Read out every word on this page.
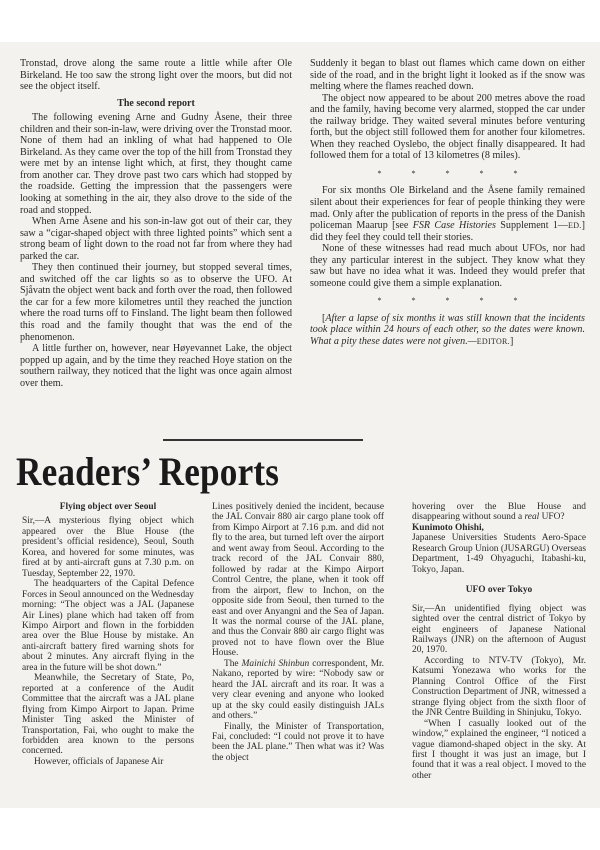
Tronstad, drove along the same route a little while after Ole Birkeland. He too saw the strong light over the moors, but did not see the object itself.

The second report

The following evening Arne and Gudny Åsene, their three children and their son-in-law, were driving over the Tronstad moor. None of them had an inkling of what had happened to Ole Birkeland. As they came over the top of the hill from Tronstad they were met by an intense light which, at first, they thought came from another car. They drove past two cars which had stopped by the roadside. Getting the impression that the passengers were looking at something in the air, they also drove to the side of the road and stopped.

When Arne Åsene and his son-in-law got out of their car, they saw a “cigar-shaped object with three lighted points” which sent a strong beam of light down to the road not far from where they had parked the car.

They then continued their journey, but stopped several times, and switched off the car lights so as to observe the UFO. At Sjåvatn the object went back and forth over the road, then followed the car for a few more kilometres until they reached the junction where the road turns off to Finsland. The light beam then followed this road and the family thought that was the end of the phenomenon.

A little further on, however, near Høyevannet Lake, the object popped up again, and by the time they reached Hoye station on the southern railway, they noticed that the light was once again almost over them.

Suddenly it began to blast out flames which came down on either side of the road, and in the bright light it looked as if the snow was melting where the flames reached down.

The object now appeared to be about 200 metres above the road and the family, having become very alarmed, stopped the car under the railway bridge. They waited several minutes before venturing forth, but the object still followed them for another four kilometres. When they reached Oyslebo, the object finally disappeared. It had followed them for a total of 13 kilometres (8 miles).

* * * * *

For six months Ole Birkeland and the Åsene family remained silent about their experiences for fear of people thinking they were mad. Only after the publication of reports in the press of the Danish policeman Maarup [see FSR Case Histories Supplement 1—ED.] did they feel they could tell their stories.

None of these witnesses had read much about UFOs, nor had they any particular interest in the subject. They know what they saw but have no idea what it was. Indeed they would prefer that someone could give them a simple explanation.

* * * * *

[After a lapse of six months it was still known that the incidents took place within 24 hours of each other, so the dates were known. What a pity these dates were not given.—EDITOR.]

Readers’ Reports
Flying object over Seoul

Sir,—A mysterious flying object which appeared over the Blue House (the president’s official residence), Seoul, South Korea, and hovered for some minutes, was fired at by anti-aircraft guns at 7.30 p.m. on Tuesday, September 22, 1970.

The headquarters of the Capital Defence Forces in Seoul announced on the Wednesday morning: “The object was a JAL (Japanese Air Lines) plane which had taken off from Kimpo Airport and flown in the forbidden area over the Blue House by mistake. An anti-aircraft battery fired warning shots for about 2 minutes. Any aircraft flying in the area in the future will be shot down.”

Meanwhile, the Secretary of State, Po, reported at a conference of the Audit Committee that the aircraft was a JAL plane flying from Kimpo Airport to Japan. Prime Minister Ting asked the Minister of Transportation, Fai, who ought to make the forbidden area known to the persons concerned.

However, officials of Japanese Air

Lines positively denied the incident, because the JAL Convair 880 air cargo plane took off from Kimpo Airport at 7.16 p.m. and did not fly to the area, but turned left over the airport and went away from Seoul. According to the track record of the JAL Convair 880, followed by radar at the Kimpo Airport Control Centre, the plane, when it took off from the airport, flew to Inchon, on the opposite side from Seoul, then turned to the east and over Anyangni and the Sea of Japan. It was the normal course of the JAL plane, and thus the Convair 880 air cargo flight was proved not to have flown over the Blue House.

The Mainichi Shinbun correspondent, Mr. Nakano, reported by wire: “Nobody saw or heard the JAL aircraft and its roar. It was a very clear evening and anyone who looked up at the sky could easily distinguish JALs and others.”

Finally, the Minister of Transportation, Fai, concluded: “I could not prove it to have been the JAL plane.” Then what was it? Was the object

hovering over the Blue House and disappearing without sound a real UFO?

Kunimoto Ohishi,

Japanese Universities Students Aero-Space Research Group Union (JUSARGU) Overseas Department, 1-49 Ohyaguchi, Itabashi-ku, Tokyo, Japan.

UFO over Tokyo

Sir,—An unidentified flying object was sighted over the central district of Tokyo by eight engineers of Japanese National Railways (JNR) on the afternoon of August 20, 1970.

According to NTV-TV (Tokyo), Mr. Katsumi Yonezawa who works for the Planning Control Office of the First Construction Department of JNR, witnessed a strange flying object from the sixth floor of the JNR Centre Building in Shinjuku, Tokyo.

“When I casually looked out of the window,” explained the engineer, “I noticed a vague diamond-shaped object in the sky. At first I thought it was just an image, but I found that it was a real object. I moved to the other
